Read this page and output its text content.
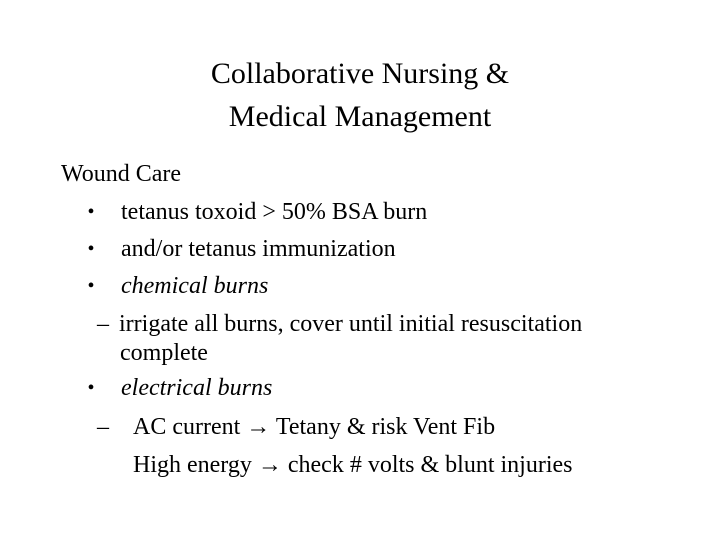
Collaborative Nursing &
Medical Management
Wound Care
• tetanus toxoid > 50% BSA burn
• and/or tetanus immunization
• chemical burns
– irrigate all burns, cover until initial resuscitation
complete
• electrical burns
– AC current → Tetany & risk Vent Fib
High energy → check # volts & blunt injuries
